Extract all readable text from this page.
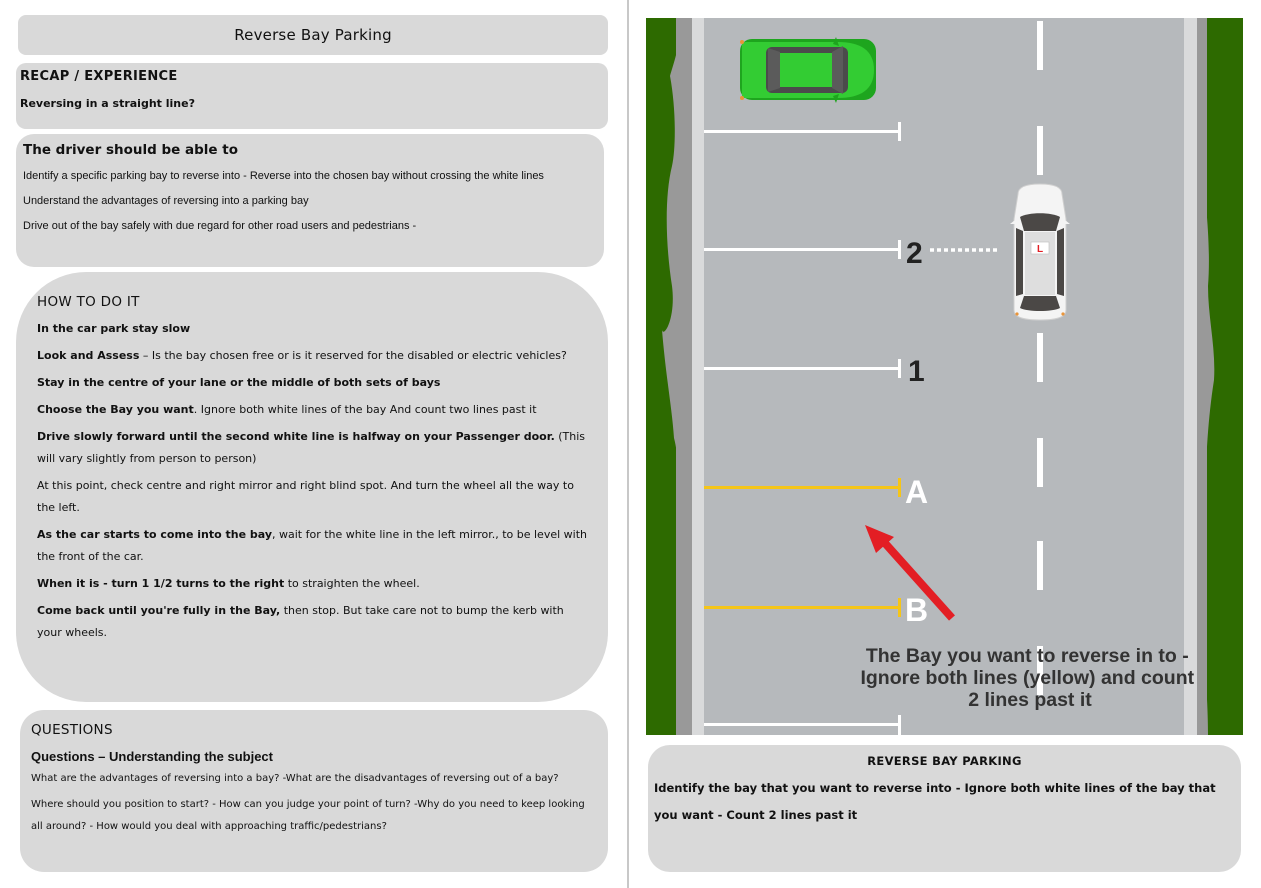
Reverse Bay Parking
RECAP / EXPERIENCE
Reversing in a straight line?
The driver should be able to
Identify a specific parking bay to reverse into - Reverse into the chosen bay without crossing the white lines
Understand the advantages of reversing into a parking bay
Drive out of the bay safely with due regard for other road users and pedestrians -
HOW TO DO IT

In the car park stay slow

Look and Assess – Is the bay chosen free or is it reserved for the disabled or electric vehicles?

Stay in the centre of your lane or the middle of both sets of bays

Choose the Bay you want. Ignore both white lines of the bay And count two lines past it

Drive slowly forward until the second white line is halfway on your Passenger door. (This will vary slightly from person to person)

At this point, check centre and right mirror and right blind spot. And turn the wheel all the way to the left.

As the car starts to come into the bay, wait for the white line in the left mirror., to be level with the front of the car.

When it is - turn 1 1/2 turns to the right to straighten the wheel.

Come back until you're fully in the Bay, then stop. But take care not to bump the kerb with your wheels.

QUESTIONS
Questions – Understanding the subject
What are the advantages of reversing into a bay? -What are the disadvantages of reversing out of a bay?
Where should you position to start? - How can you judge your point of turn? -Why do you need to keep looking all around? - How would you deal with approaching traffic/pedestrians?
2
1
A
B
L
The Bay you want to reverse in to - Ignore both lines (yellow) and count 2 lines past it
REVERSE BAY PARKING
Identify the bay that you want to reverse into - Ignore both white lines of the bay that you want - Count 2 lines past it
